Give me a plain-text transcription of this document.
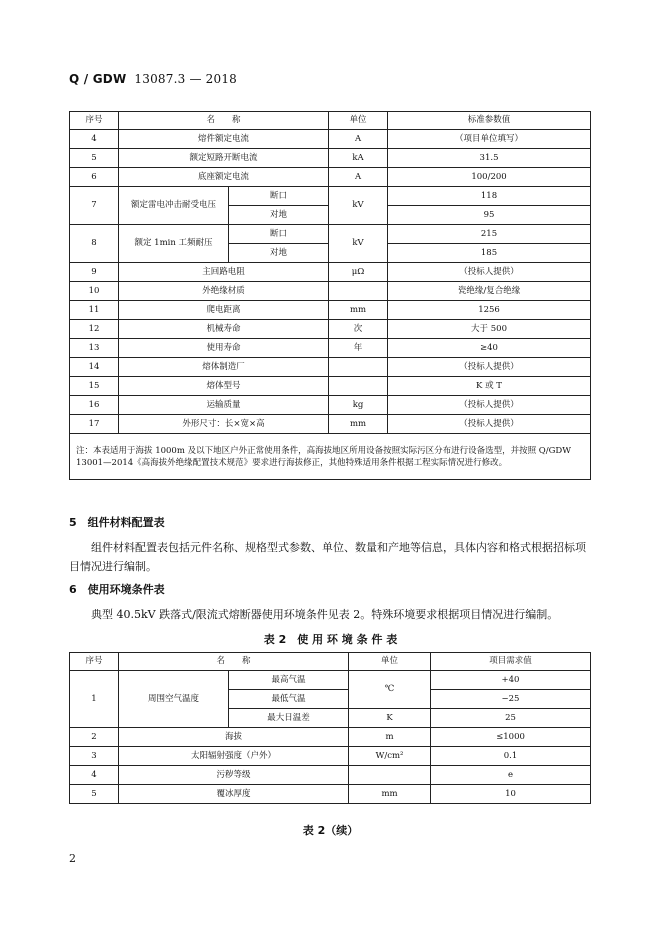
Q / GDW 13087.3 — 2018
序号	名　　称		单位	标准参数值
4	熔件额定电流		A	（项目单位填写）
5	额定短路开断电流		kA	31.5
6	底座额定电流		A	100/200
7	额定雷电冲击耐受电压	断口	kV	118
		对地		95
8	额定 1min 工频耐压	断口	kV	215
		对地		185
9	主回路电阻		μΩ	（投标人提供）
10	外绝缘材质			瓷绝缘/复合绝缘
11	爬电距离		mm	1256
12	机械寿命		次	大于 500
13	使用寿命		年	≥40
14	熔体制造厂			（投标人提供）
15	熔体型号			K 或 T
16	运输质量		kg	（投标人提供）
17	外形尺寸：长×宽×高		mm	（投标人提供）
注：本表适用于海拔 1000m 及以下地区户外正常使用条件，高海拔地区所用设备按照实际污区分布进行设备选型，并按照 Q/GDW 13001—2014《高海拔外绝缘配置技术规范》要求进行海拔修正，其他特殊适用条件根据工程实际情况进行修改。				
5　组件材料配置表
组件材料配置表包括元件名称、规格型式参数、单位、数量和产地等信息，具体内容和格式根据招标项目情况进行编制。
6　使用环境条件表
典型 40.5kV 跌落式/限流式熔断器使用环境条件见表 2。特殊环境要求根据项目情况进行编制。
表 2　使 用 环 境 条 件 表
序号	名　　称		单位	项目需求值
1	周围空气温度	最高气温	℃	+40
		最低气温		−25
		最大日温差	K	25
2	海拔		m	≤1000
3	太阳辐射强度（户外）		W/cm²	0.1
4	污秽等级			e
5	覆冰厚度		mm	10
表 2（续）
2
